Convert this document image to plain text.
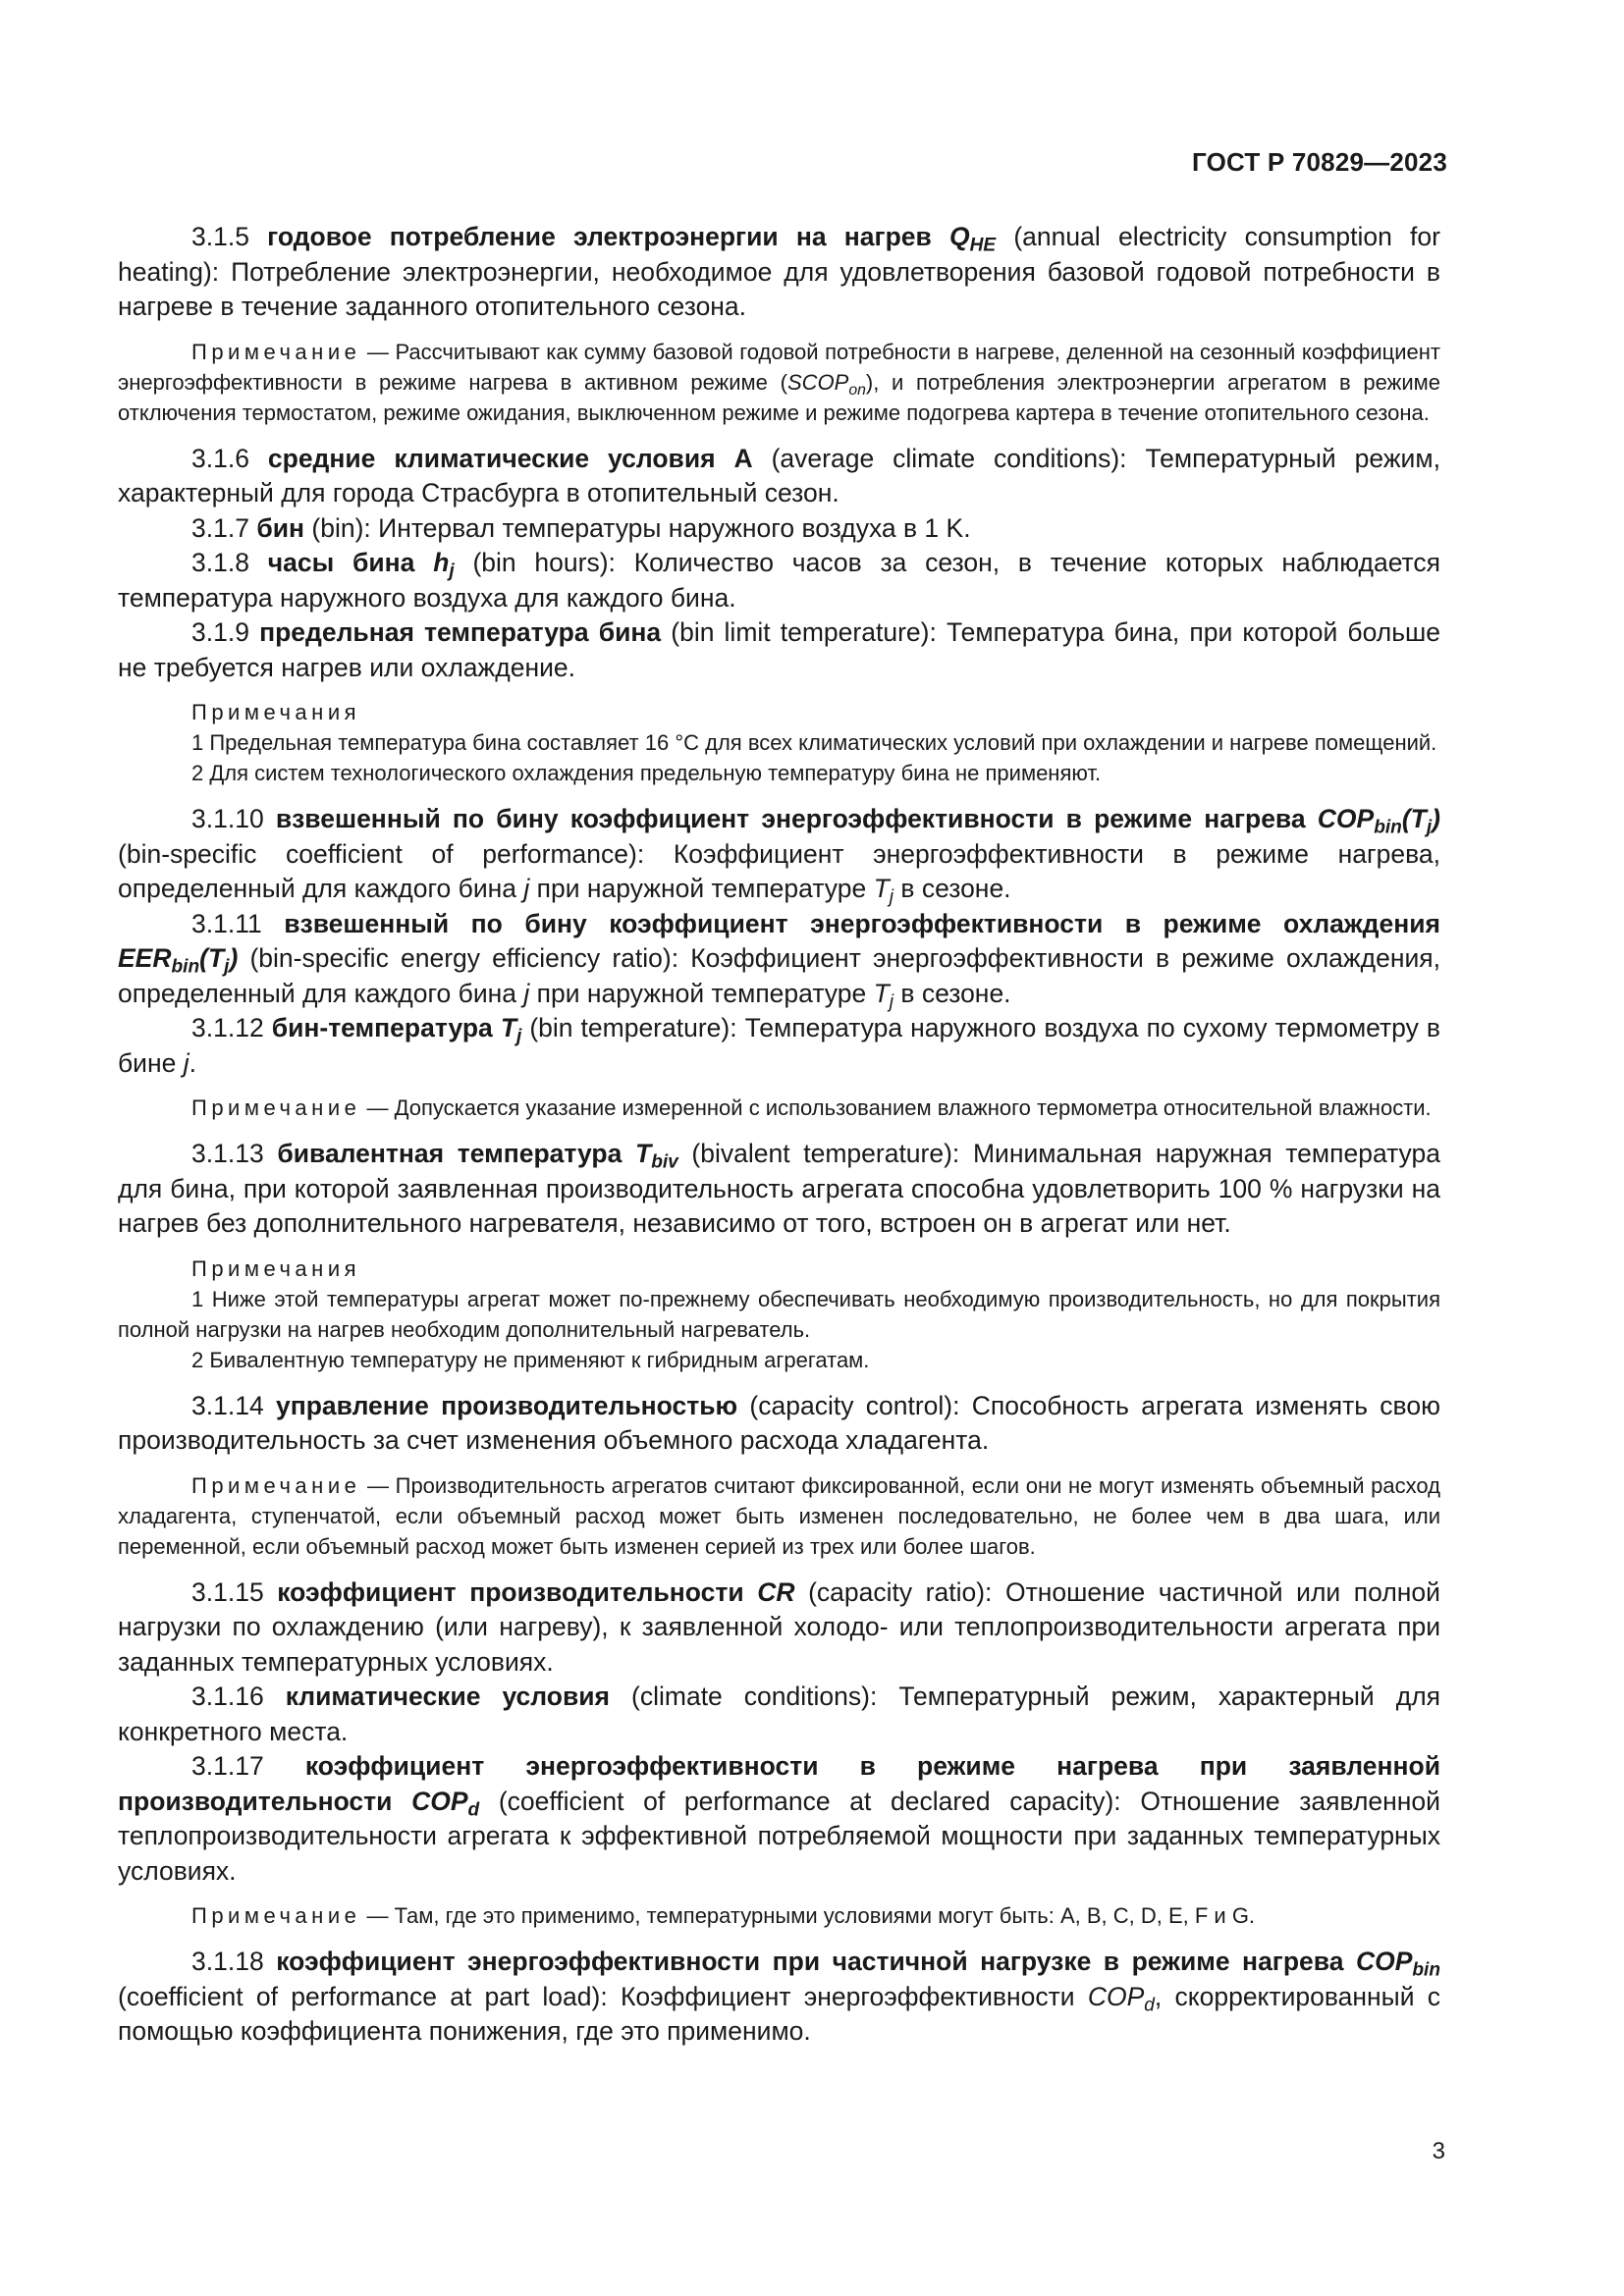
ГОСТ Р 70829—2023

3.1.5 годовое потребление электроэнергии на нагрев $Q_{HE}$ (annual electricity consumption for heating): Потребление электроэнергии, необходимое для удовлетворения базовой годовой потребности в нагреве в течение заданного отопительного сезона.

Примечание — Рассчитывают как сумму базовой годовой потребности в нагреве, деленной на сезонный коэффициент энергоэффективности в режиме нагрева в активном режиме $(SCOP_{on})$, и потребления электроэнергии агрегатом в режиме отключения термостатом, режиме ожидания, выключенном режиме и режиме подогрева картера в течение отопительного сезона.

3.1.6 средние климатические условия A (average climate conditions): Температурный режим, характерный для города Страсбурга в отопительный сезон.

3.1.7 бин (bin): Интервал температуры наружного воздуха в 1 K.

3.1.8 часы бина $h_j$ (bin hours): Количество часов за сезон, в течение которых наблюдается температура наружного воздуха для каждого бина.

3.1.9 предельная температура бина (bin limit temperature): Температура бина, при которой больше не требуется нагрев или охлаждение.

Примечания

1 Предельная температура бина составляет 16 °C для всех климатических условий при охлаждении и нагреве помещений.

2 Для систем технологического охлаждения предельную температуру бина не применяют.

3.1.10 взвешенный по бину коэффициент энергоэффективности в режиме нагрева $COP_{bin}(T_j)$ (bin-specific coefficient of performance): Коэффициент энергоэффективности в режиме нагрева, определенный для каждого бина j при наружной температуре $T_j$ в сезоне.

3.1.11 взвешенный по бину коэффициент энергоэффективности в режиме охлаждения $EER_{bin}(T_j)$ (bin-specific energy efficiency ratio): Коэффициент энергоэффективности в режиме охлаждения, определенный для каждого бина j при наружной температуре $T_j$ в сезоне.

3.1.12 бин-температура $T_j$ (bin temperature): Температура наружного воздуха по сухому термометру в бине j.

Примечание — Допускается указание измеренной с использованием влажного термометра относительной влажности.

3.1.13 бивалентная температура $T_{biv}$ (bivalent temperature): Минимальная наружная температура для бина, при которой заявленная производительность агрегата способна удовлетворить 100 % нагрузки на нагрев без дополнительного нагревателя, независимо от того, встроен он в агрегат или нет.

Примечания

1 Ниже этой температуры агрегат может по-прежнему обеспечивать необходимую производительность, но для покрытия полной нагрузки на нагрев необходим дополнительный нагреватель.

2 Бивалентную температуру не применяют к гибридным агрегатам.

3.1.14 управление производительностью (capacity control): Способность агрегата изменять свою производительность за счет изменения объемного расхода хладагента.

Примечание — Производительность агрегатов считают фиксированной, если они не могут изменять объемный расход хладагента, ступенчатой, если объемный расход может быть изменен последовательно, не более чем в два шага, или переменной, если объемный расход может быть изменен серией из трех или более шагов.

3.1.15 коэффициент производительности CR (capacity ratio): Отношение частичной или полной нагрузки по охлаждению (или нагреву), к заявленной холодо- или теплопроизводительности агрегата при заданных температурных условиях.

3.1.16 климатические условия (climate conditions): Температурный режим, характерный для конкретного места.

3.1.17 коэффициент энергоэффективности в режиме нагрева при заявленной производительности $COP_d$ (coefficient of performance at declared capacity): Отношение заявленной теплопроизводительности агрегата к эффективной потребляемой мощности при заданных температурных условиях.

Примечание — Там, где это применимо, температурными условиями могут быть: A, B, C, D, E, F и G.

3.1.18 коэффициент энергоэффективности при частичной нагрузке в режиме нагрева $COP_{bin}$ (coefficient of performance at part load): Коэффициент энергоэффективности $COP_d$, скорректированный с помощью коэффициента понижения, где это применимо.

3
